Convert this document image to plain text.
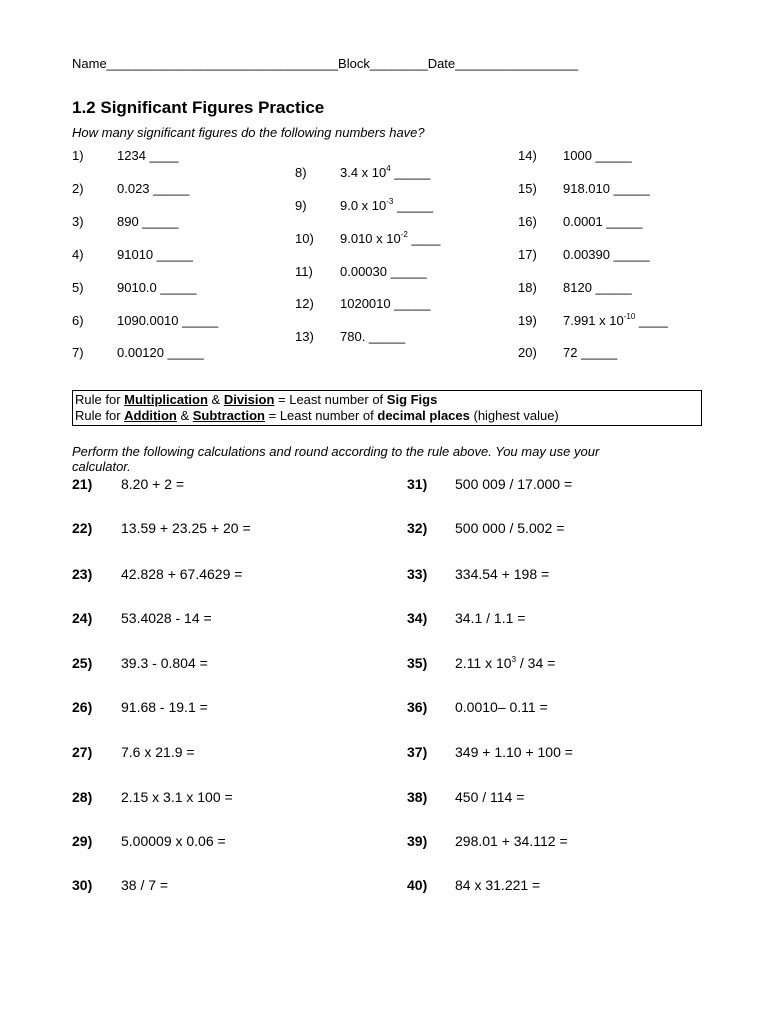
Name________________________________Block________Date_________________
1.2 Significant Figures Practice
How many significant figures do the following numbers have?
1)	1234 ____
2)	0.023 _____
3)	890 _____
4)	91010 _____
5)	9010.0 _____
6)	1090.0010 _____
7)	0.00120 _____
8)	3.4 x $10^4$ _____
9)	9.0 x $10^{-3}$ _____
10) 9.010 x $10^{-2}$ ____
11) 0.00030 _____
12) 1020010 _____
13) 780. _____
14) 1000 _____
15) 918.010 _____
16) 0.0001 _____
17) 0.00390 _____
18) 8120 _____
19) 7.991 x $10^{-10}$ ____
20) 72 _____
Rule for Multiplication & Division = Least number of Sig Figs
Rule for Addition & Subtraction = Least number of decimal places (highest value)
Perform the following calculations and round according to the rule above. You may use your
calculator.
21) 8.20 + 2 =
22) 13.59 + 23.25 + 20 =
23) 42.828 + 67.4629 =
24) 53.4028 - 14 =
25) 39.3 - 0.804 =
26) 91.68 - 19.1 =
27) 7.6 x 21.9 =
28) 2.15 x 3.1 x 100 =
29) 5.00009 x 0.06 =
30) 38 / 7 =
31) 500 009 / 17.000 =
32) 500 000 / 5.002 =
33) 334.54 + 198 =
34) 34.1 / 1.1 =
35) 2.11 x $10^3 / 34$ =
36) 0.0010– 0.11 =
37) 349 + 1.10 + 100 =
38) 450 / 114 =
39) 298.01 + 34.112 =
40) 84 x 31.221 =
